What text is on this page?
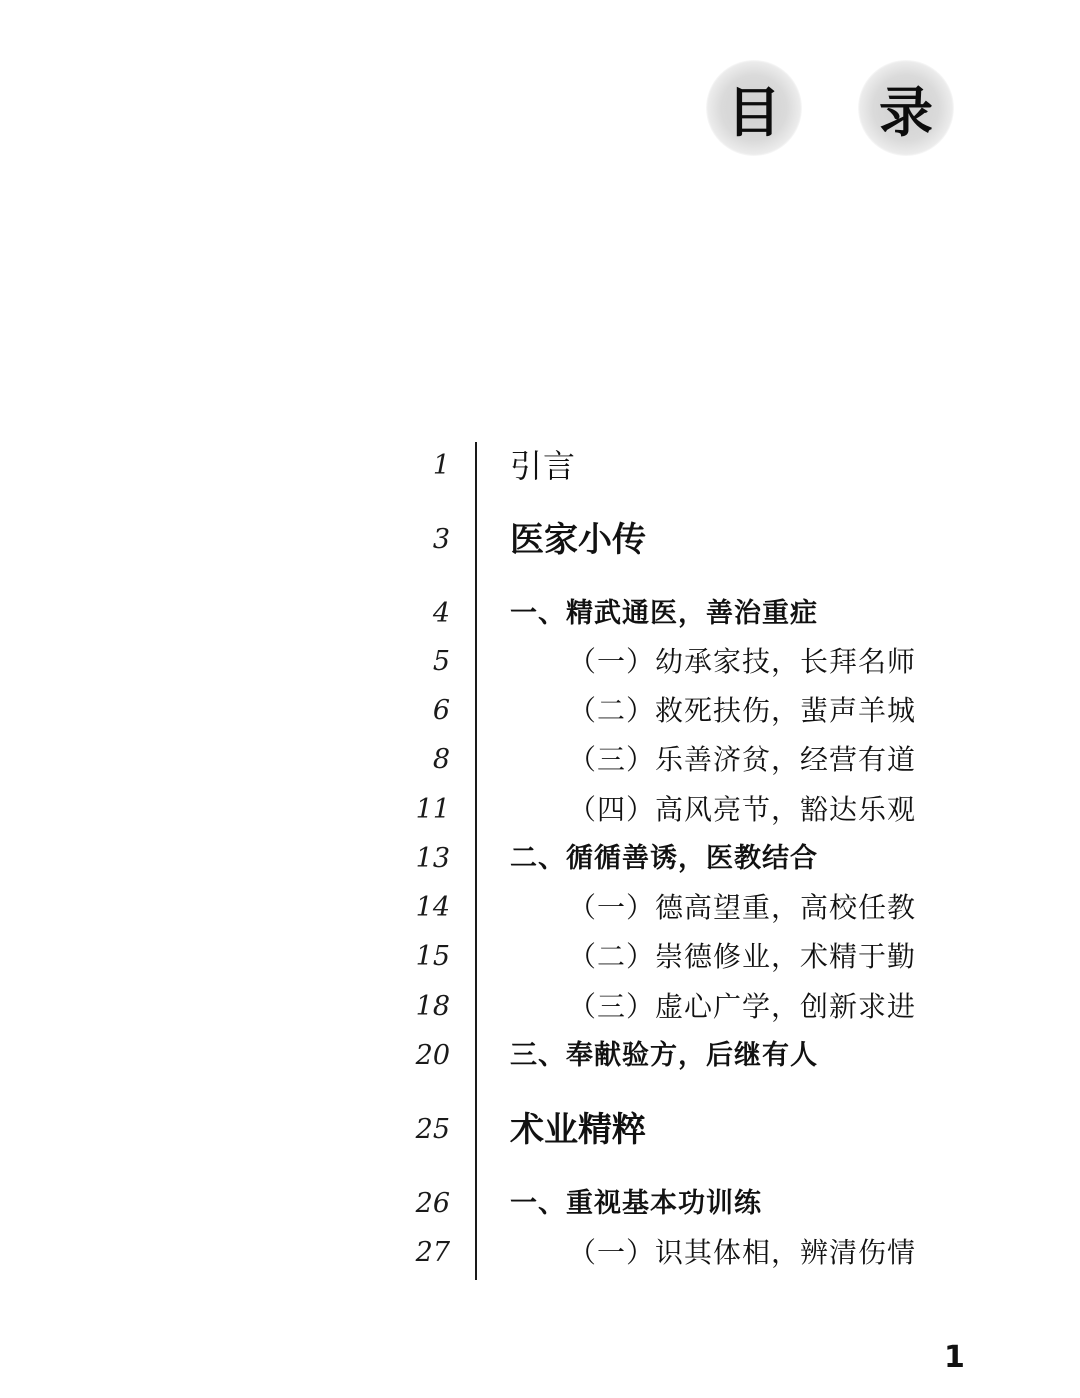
目 录
1 引言
3 医家小传
4 一、精武通医，善治重症
5	（一）幼承家技，长拜名师
6	（二）救死扶伤，蜚声羊城
8	（三）乐善济贫，经营有道
11	（四）高风亮节，豁达乐观
13 二、循循善诱，医教结合
14	（一）德高望重，高校任教
15	（二）崇德修业，术精于勤
18	（三）虚心广学，创新求进
20 三、奉献验方，后继有人
25 术业精粹
26 一、重视基本功训练
27	（一）识其体相，辨清伤情
1
